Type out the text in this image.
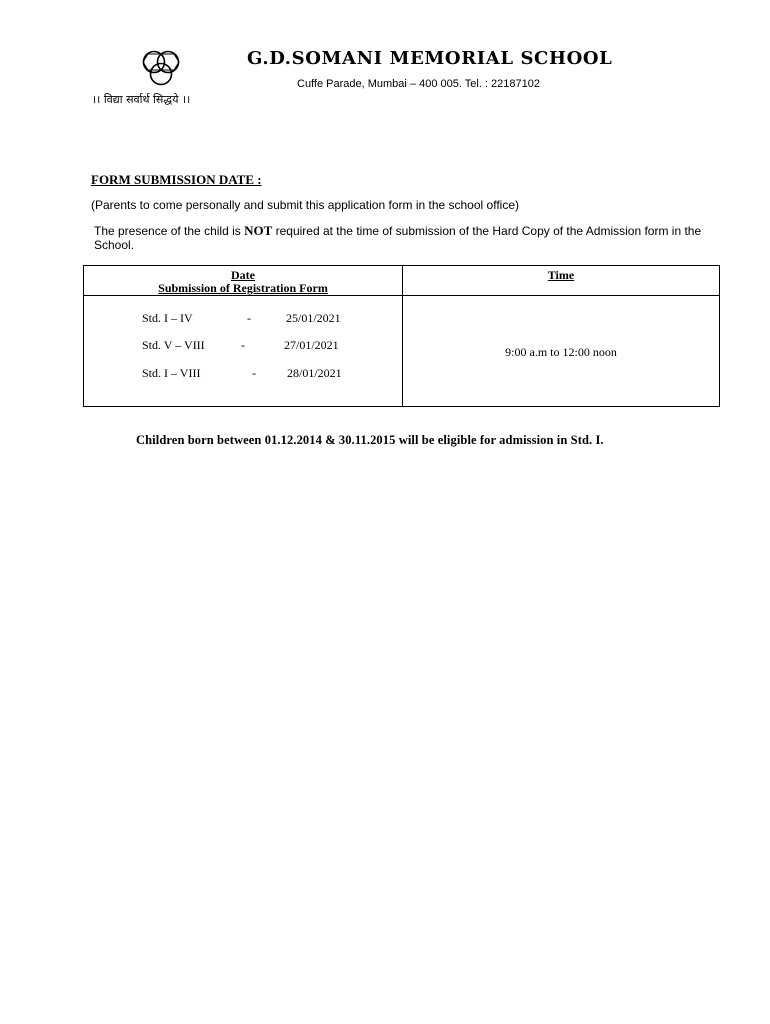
।। विद्या सर्वार्थ सिद्धये ।।
G.D.SOMANI MEMORIAL SCHOOL
Cuffe Parade, Mumbai – 400 005. Tel. : 22187102
FORM SUBMISSION DATE :
(Parents to come personally and submit this application form in the school office)
The presence of the child is NOT required at the time of submission of the Hard Copy of the Admission form in the School.
Date
Submission of Registration Form
Time
Std. I – IV	-	25/01/2021
Std. V – VIII	-	27/01/2021
Std. I – VIII	-	28/01/2021
9:00 a.m to 12:00 noon
Children born between 01.12.2014 & 30.11.2015 will be eligible for admission in Std. I.
